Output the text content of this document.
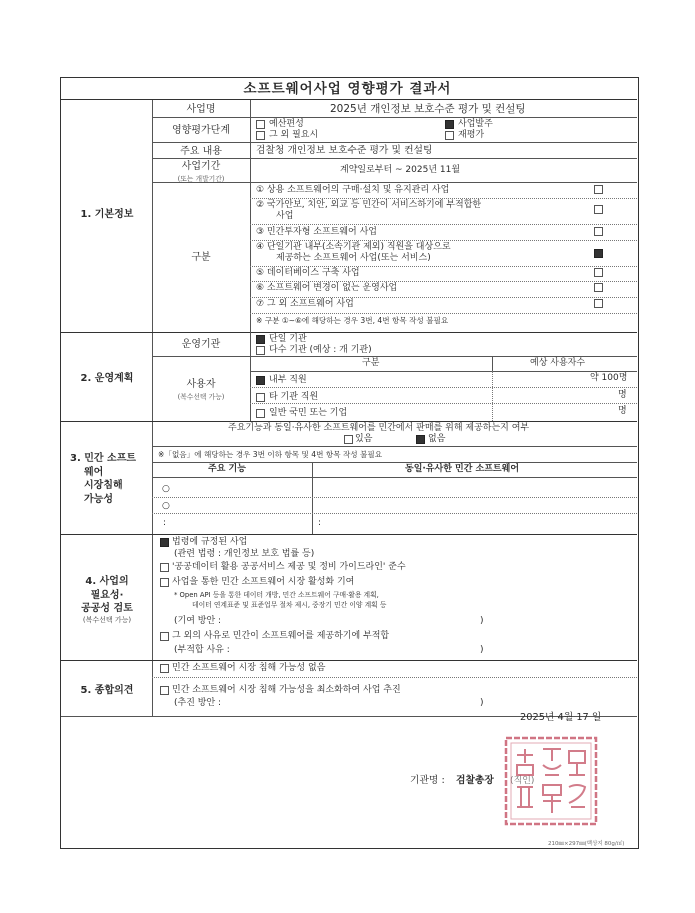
소프트웨어사업 영향평가 결과서
1. 기본정보
사업명	2025년 개인정보 보호수준 평가 및 컨설팅
영향평가단계
예산편성	사업발주
그 외 필요시	재평가
주요 내용	검찰청 개인정보 보호수준 평가 및 컨설팅
사업기간
(또는 개발기간)
계약일로부터 ~ 2025년 11월
구분
① 상용 소프트웨어의 구매·설치 및 유지관리 사업
② 국가안보, 치안, 외교 등 민간이 서비스하기에 부적합한
사업
③ 민간투자형 소프트웨어 사업
④ 단일기관 내부(소속기관 제외) 직원을 대상으로
제공하는 소프트웨어 사업(또는 서비스)
⑤ 데이터베이스 구축 사업
⑥ 소프트웨어 변경이 없는 운영사업
⑦ 그 외 소프트웨어 사업
※ 구분 ①~⑥에 해당하는 경우 3번, 4번 항목 작성 불필요
2. 운영계획
운영기관	단일 기관
다수 기관 (예상 : 개 기관)
사용자
(복수선택 가능)
구분	예상 사용자수
내부 직원	약 100명
타 기관 직원	명
일반 국민 또는 기업	명
3. 민간 소프트
웨어
시장침해
가능성
주요기능과 동일·유사한 소프트웨어를 민간에서 판매를 위해 제공하는지 여부
있음	없음
※「없음」에 해당하는 경우 3번 이하 항목 및 4번 항목 작성 불필요
주요 기능	동일·유사한 민간 소프트웨어
○
○
:	:
4. 사업의
필요성·
공공성 검토
(복수선택 가능)
법령에 규정된 사업
(관련 법령 : 개인정보 보호 법률 등)
'공공데이터 활용 공공서비스 제공 및 정비 가이드라인' 준수
사업을 통한 민간 소프트웨어 시장 활성화 기여
* Open API 등을 통한 데이터 개방, 민간 소프트웨어 구매·활용 계획,
데이터 연계표준 및 표준업무 절차 제시, 중장기 민간 이양 계획 등
(기여 방안 :	)
그 외의 사유로 민간이 소프트웨어를 제공하기에 부적합
(부적합 사유 :	)
5. 종합의견
민간 소프트웨어 시장 침해 가능성 없음
민간 소프트웨어 시장 침해 가능성을 최소화하여 사업 추진
(추진 방안 :	)
2025년 4월 17 일
기관명 : 검찰총장 (직인)
210㎜×297㎜(백상지 80g/㎡)
